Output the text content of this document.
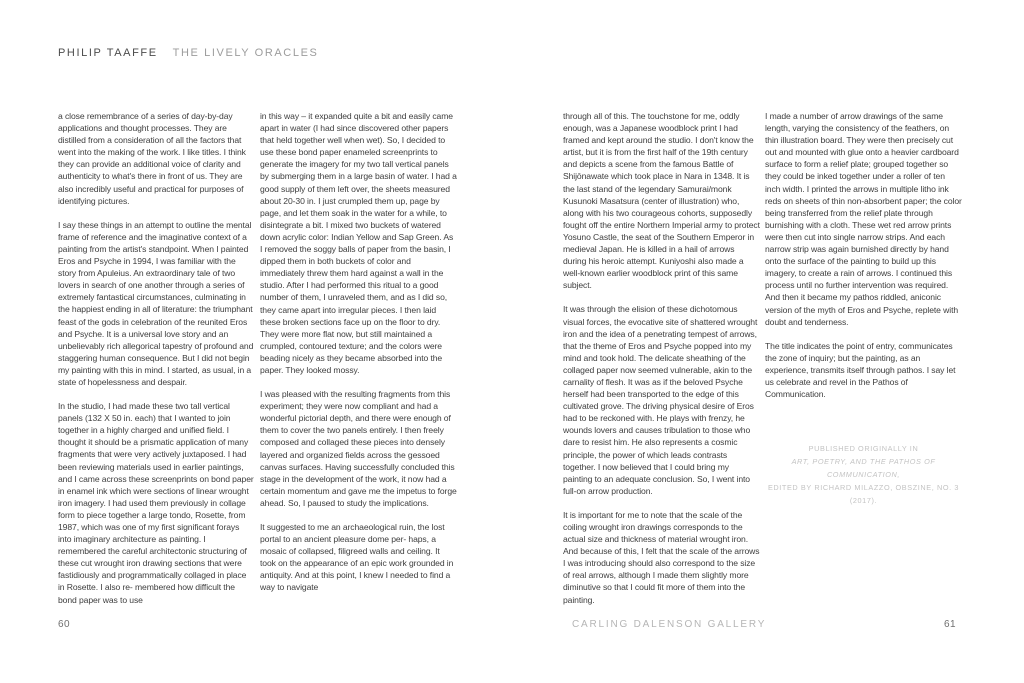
PHILIP TAAFFE THE LIVELY ORACLES

a close remembrance of a series of day-by-day applications and thought processes. They are distilled from a consideration of all the factors that went into the making of the work. I like titles. I think they can provide an additional voice of clarity and authenticity to what's there in front of us. They are also incredibly useful and practical for purposes of identifying pictures.

I say these things in an attempt to outline the mental frame of reference and the imaginative context of a painting from the artist's standpoint. When I painted Eros and Psyche in 1994, I was familiar with the story from Apuleius. An extraordinary tale of two lovers in search of one another through a series of extremely fantastical circumstances, culminating in the happiest ending in all of literature: the triumphant feast of the gods in celebration of the reunited Eros and Psyche. It is a universal love story and an unbelievably rich allegorical tapestry of profound and staggering human consequence. But I did not begin my painting with this in mind. I started, as usual, in a state of hopelessness and despair.

In the studio, I had made these two tall vertical panels (132 X 50 in. each) that I wanted to join together in a highly charged and unified field. I thought it should be a prismatic application of many fragments that were very actively juxtaposed. I had been reviewing materials used in earlier paintings, and I came across these screenprints on bond paper in enamel ink which were sections of linear wrought iron imagery. I had used them previously in collage form to piece together a large tondo, Rosette, from 1987, which was one of my first significant forays into imaginary architecture as painting. I remembered the careful architectonic structuring of these cut wrought iron drawing sections that were fastidiously and programmatically collaged in place in Rosette. I also re- membered how difficult the bond paper was to use

in this way – it expanded quite a bit and easily came apart in water (I had since discovered other papers that held together well when wet). So, I decided to use these bond paper enameled screenprints to generate the imagery for my two tall vertical panels by submerging them in a large basin of water. I had a good supply of them left over, the sheets measured about 20-30 in. I just crumpled them up, page by page, and let them soak in the water for a while, to disintegrate a bit. I mixed two buckets of watered down acrylic color: Indian Yellow and Sap Green. As I removed the soggy balls of paper from the basin, I dipped them in both buckets of color and immediately threw them hard against a wall in the studio. After I had performed this ritual to a good number of them, I unraveled them, and as I did so, they came apart into irregular pieces. I then laid these broken sections face up on the floor to dry. They were more flat now, but still maintained a crumpled, contoured texture; and the colors were beading nicely as they became absorbed into the paper. They looked mossy.

I was pleased with the resulting fragments from this experiment; they were now compliant and had a wonderful pictorial depth, and there were enough of them to cover the two panels entirely. I then freely composed and collaged these pieces into densely layered and organized fields across the gessoed canvas surfaces. Having successfully concluded this stage in the development of the work, it now had a certain momentum and gave me the impetus to forge ahead. So, I paused to study the implications.

It suggested to me an archaeological ruin, the lost portal to an ancient pleasure dome per- haps, a mosaic of collapsed, filigreed walls and ceiling. It took on the appearance of an epic work grounded in antiquity. And at this point, I knew I needed to find a way to navigate

through all of this. The touchstone for me, oddly enough, was a Japanese woodblock print I had framed and kept around the studio. I don't know the artist, but it is from the first half of the 19th century and depicts a scene from the famous Battle of Shijōnawate which took place in Nara in 1348. It is the last stand of the legendary Samurai/monk Kusunoki Masatsura (center of illustration) who, along with his two courageous cohorts, supposedly fought off the entire Northern Imperial army to protect Yosuno Castle, the seat of the Southern Emperor in medieval Japan. He is killed in a hail of arrows during his heroic attempt. Kuniyoshi also made a well-known earlier woodblock print of this same subject.

It was through the elision of these dichotomous visual forces, the evocative site of shattered wrought iron and the idea of a penetrating tempest of arrows, that the theme of Eros and Psyche popped into my mind and took hold. The delicate sheathing of the collaged paper now seemed vulnerable, akin to the carnality of flesh. It was as if the beloved Psyche herself had been transported to the edge of this cultivated grove. The driving physical desire of Eros had to be reckoned with. He plays with frenzy, he wounds lovers and causes tribulation to those who dare to resist him. He also represents a cosmic principle, the power of which leads contrasts together. I now believed that I could bring my painting to an adequate conclusion. So, I went into full-on arrow production.

It is important for me to note that the scale of the coiling wrought iron drawings corresponds to the actual size and thickness of material wrought iron. And because of this, I felt that the scale of the arrows I was introducing should also correspond to the size of real arrows, although I made them slightly more diminutive so that I could fit more of them into the painting.

I made a number of arrow drawings of the same length, varying the consistency of the feathers, on thin illustration board. They were then precisely cut out and mounted with glue onto a heavier cardboard surface to form a relief plate; grouped together so they could be inked together under a roller of ten inch width. I printed the arrows in multiple litho ink reds on sheets of thin non-absorbent paper; the color being transferred from the relief plate through burnishing with a cloth. These wet red arrow prints were then cut into single narrow strips. And each narrow strip was again burnished directly by hand onto the surface of the painting to build up this imagery, to create a rain of arrows. I continued this process until no further intervention was required. And then it became my pathos riddled, aniconic version of the myth of Eros and Psyche, replete with doubt and tenderness.

The title indicates the point of entry, communicates the zone of inquiry; but the painting, as an experience, transmits itself through pathos. I say let us celebrate and revel in the Pathos of Communication.

PUBLISHED ORIGINALLY IN
ART, POETRY, AND THE PATHOS OF COMMUNICATION,
EDITED BY RICHARD MILAZZO, OBSZINE, NO. 3 (2017).
60	CARLING DALENSON GALLERY	61
